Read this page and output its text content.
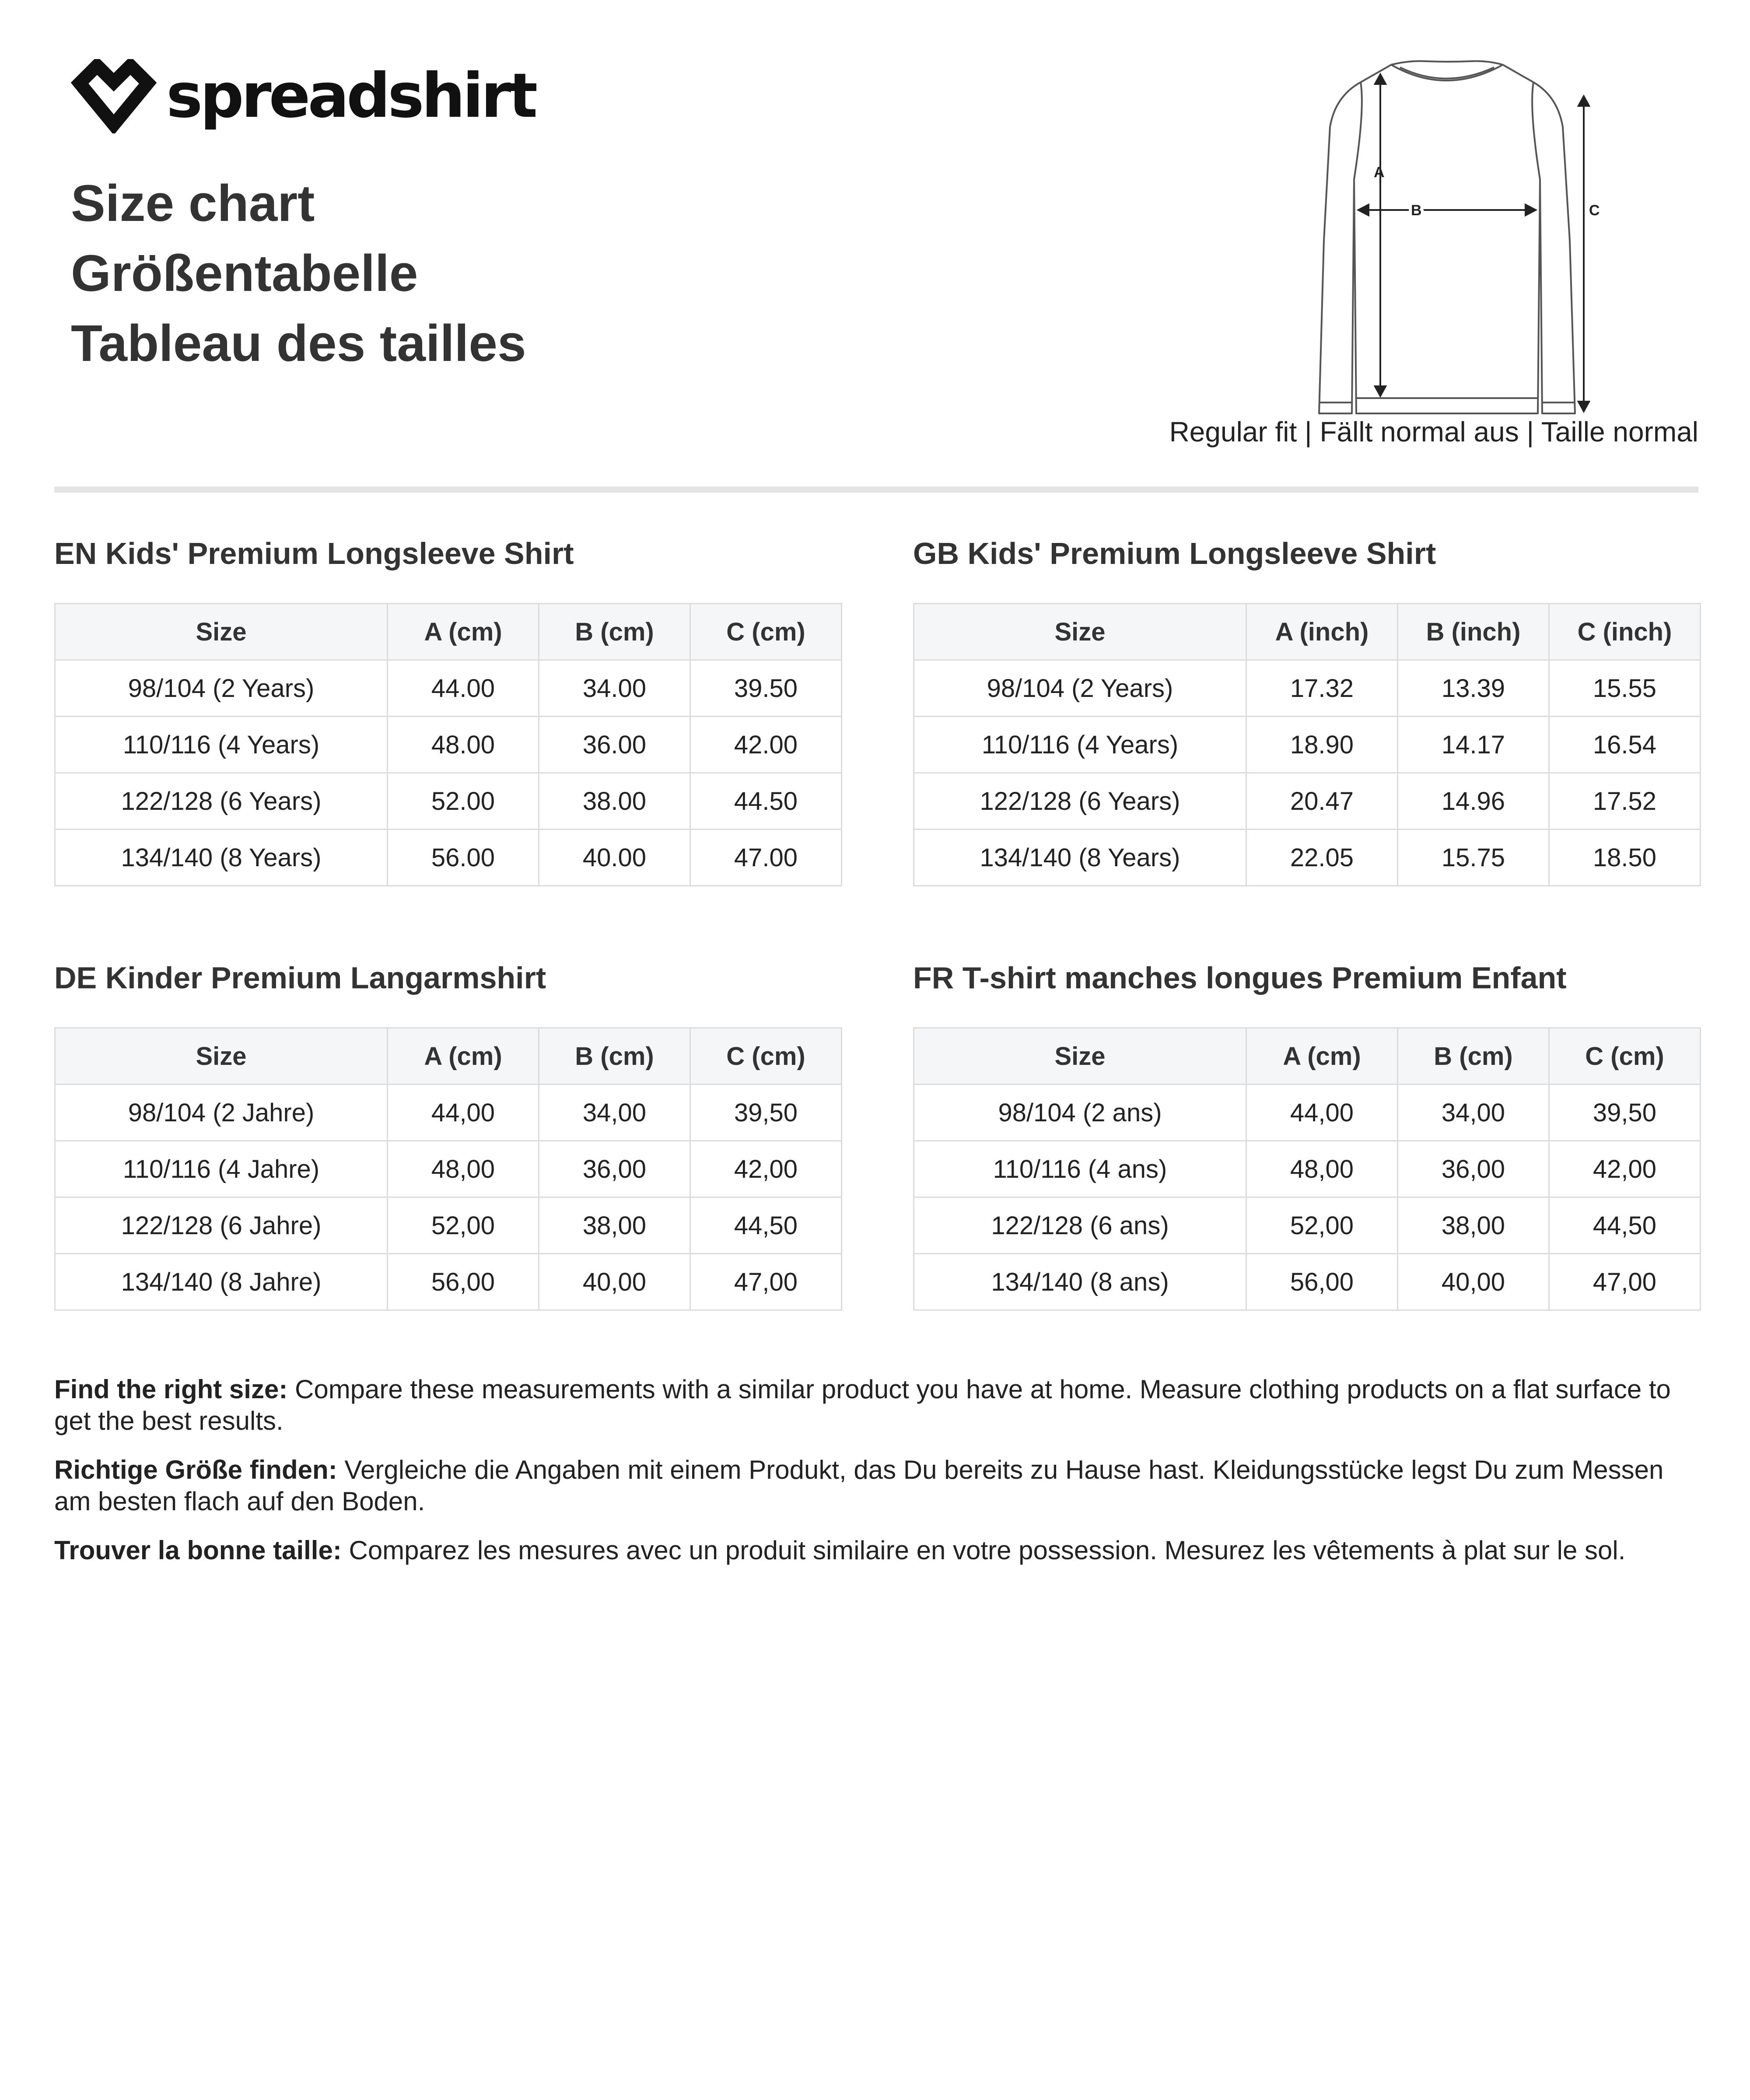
spreadshirt
Size chart
Größentabelle
Tableau des tailles
A
B	C
Regular fit | Fällt normal aus | Taille normal
EN Kids' Premium Longsleeve Shirt	GB Kids' Premium Longsleeve Shirt
DE Kinder Premium Langarmshirt	FR T-shirt manches longues Premium Enfant
Size	A (cm)	B (cm)	C (cm)
98/104 (2 Years)	44.00	34.00	39.50
110/116 (4 Years)	48.00	36.00	42.00
122/128 (6 Years)	52.00	38.00	44.50
134/140 (8 Years)	56.00	40.00	47.00
Size	A (inch)	B (inch)	C (inch)
98/104 (2 Years)	17.32	13.39	15.55
110/116 (4 Years)	18.90	14.17	16.54
122/128 (6 Years)	20.47	14.96	17.52
134/140 (8 Years)	22.05	15.75	18.50
Size	A (cm)	B (cm)	C (cm)
98/104 (2 Jahre)	44,00	34,00	39,50
110/116 (4 Jahre)	48,00	36,00	42,00
122/128 (6 Jahre)	52,00	38,00	44,50
134/140 (8 Jahre)	56,00	40,00	47,00
Size	A (cm)	B (cm)	C (cm)
98/104 (2 ans)	44,00	34,00	39,50
110/116 (4 ans)	48,00	36,00	42,00
122/128 (6 ans)	52,00	38,00	44,50
134/140 (8 ans)	56,00	40,00	47,00

Find the right size: Compare these measurements with a similar product you have at home. Measure clothing products on a flat surface to get the best results.

Richtige Größe finden: Vergleiche die Angaben mit einem Produkt, das Du bereits zu Hause hast. Kleidungsstücke legst Du zum Messen am besten flach auf den Boden.

Trouver la bonne taille: Comparez les mesures avec un produit similaire en votre possession. Mesurez les vêtements à plat sur le sol.
